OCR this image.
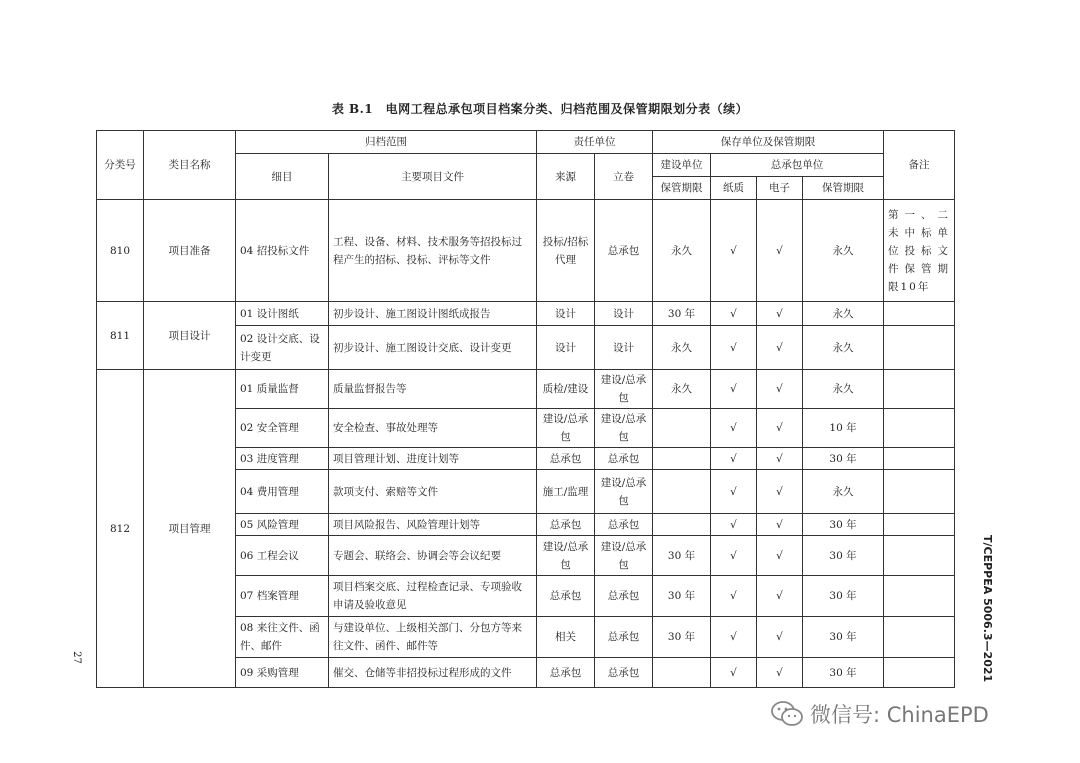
表 B.1　电网工程总承包项目档案分类、归档范围及保管期限划分表（续）
分类号	类目名称	归档范围		责任单位		保存单位及保管期限				备注
		细目	主要项目文件	来源	立卷	建设单位	总承包单位			
						保管期限	纸质	电子	保管期限	
810	项目准备	04 招投标文件	工程、设备、材料、技术服务等招投标过程产生的招标、投标、评标等文件	投标/招标代理	总承包	永久	√	√	永久	第一、二未中标单位投标文件保管期限10年
811	项目设计	01 设计图纸	初步设计、施工图设计图纸成报告	设计	设计	30 年	√	√	永久	
		02 设计交底、设计变更	初步设计、施工图设计交底、设计变更	设计	设计	永久	√	√	永久	
812	项目管理	01 质量监督	质量监督报告等	质检/建设	建设/总承包	永久	√	√	永久	
		02 安全管理	安全检查、事故处理等	建设/总承包	建设/总承包		√	√	10 年	
		03 进度管理	项目管理计划、进度计划等	总承包	总承包		√	√	30 年	
		04 费用管理	款项支付、索赔等文件	施工/监理	建设/总承包		√	√	永久	
		05 风险管理	项目风险报告、风险管理计划等	总承包	总承包		√	√	30 年	
		06 工程会议	专题会、联络会、协调会等会议纪要	建设/总承包	建设/总承包	30 年	√	√	30 年	
		07 档案管理	项目档案交底、过程检查记录、专项验收申请及验收意见	总承包	总承包	30 年	√	√	30 年	
		08 来往文件、函件、邮件	与建设单位、上级相关部门、分包方等来往文件、函件、邮件等	相关	总承包	30 年	√	√	30 年	
		09 采购管理	催交、仓储等非招投标过程形成的文件	总承包	总承包		√	√	30 年		T/CEPPEA 5006.3—2021
27
微信号: ChinaEPD
